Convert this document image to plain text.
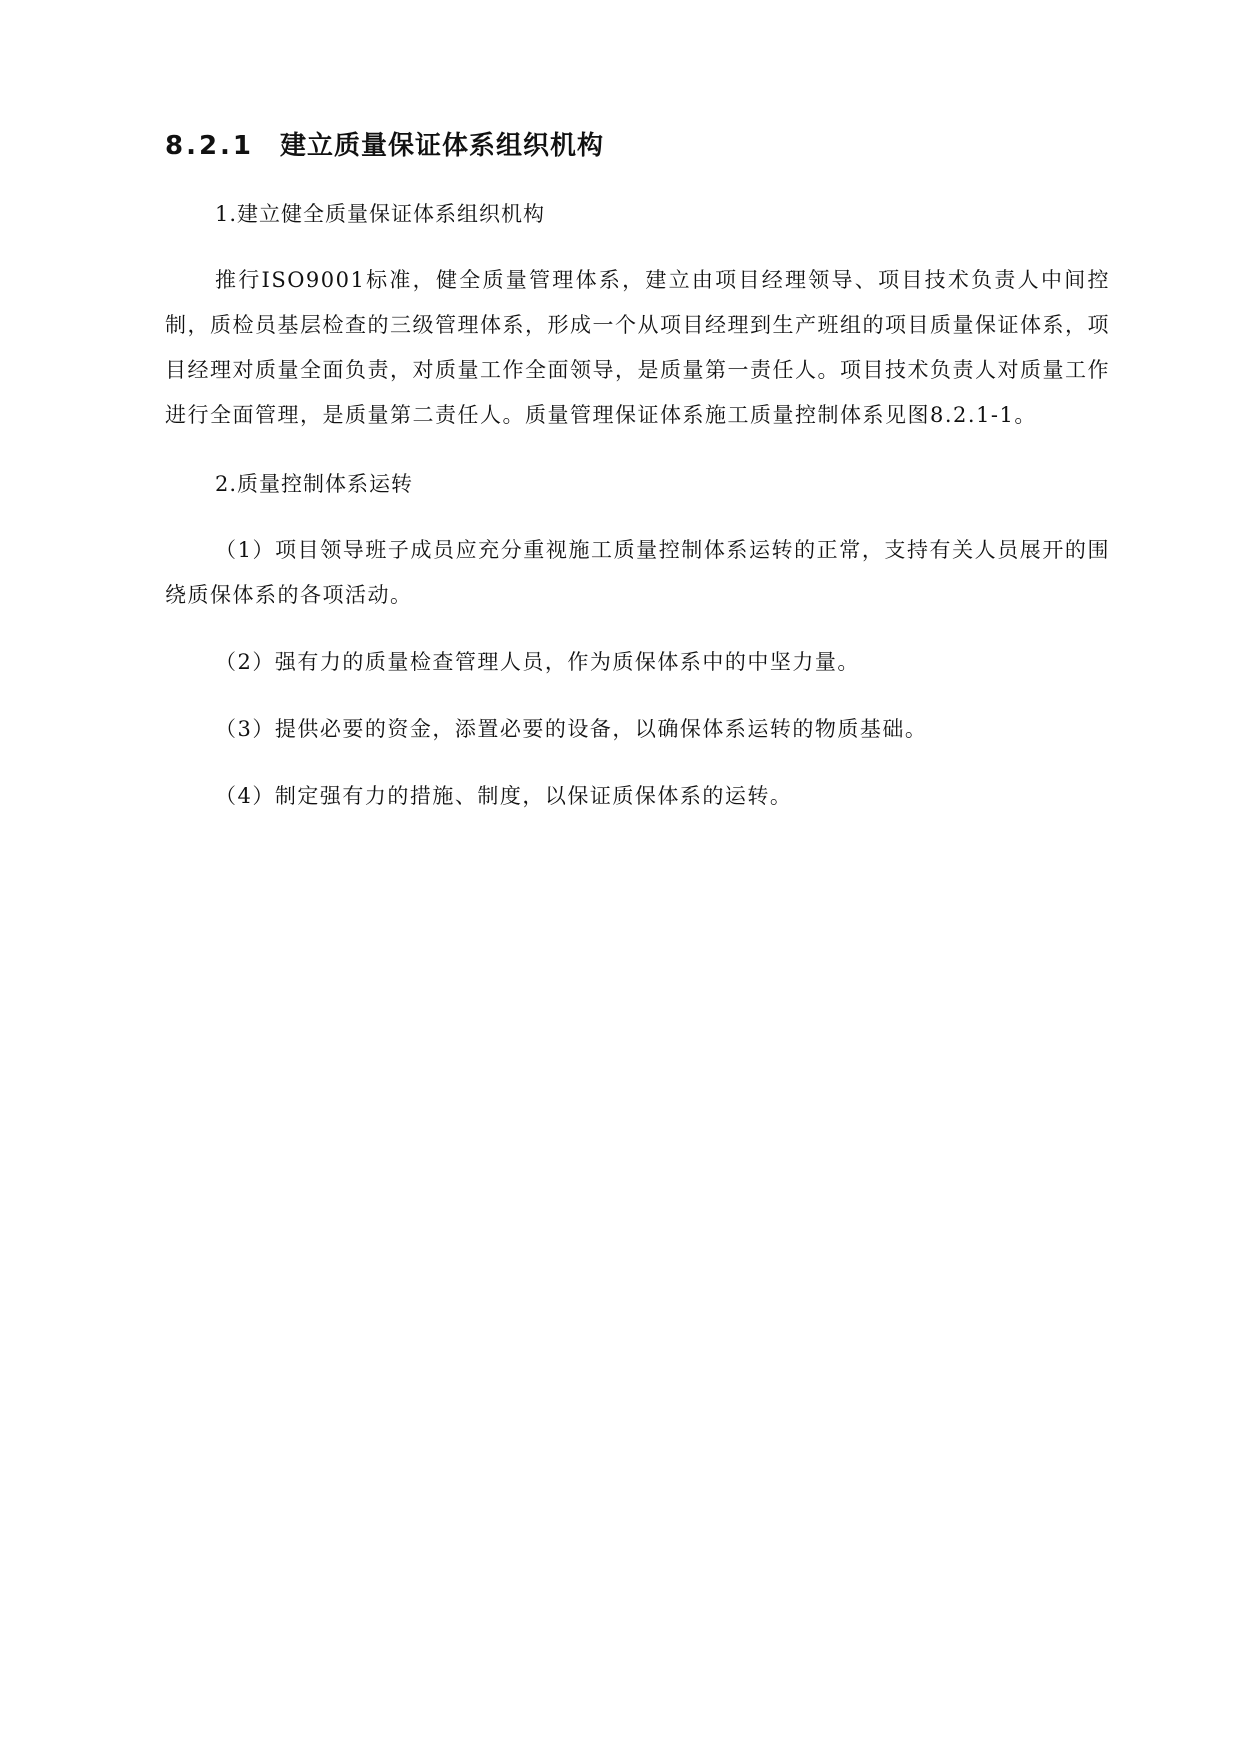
8.2.1 建立质量保证体系组织机构

1.建立健全质量保证体系组织机构

推行ISO9001标准，健全质量管理体系，建立由项目经理领导、项目技术负责人中间控制，质检员基层检查的三级管理体系，形成一个从项目经理到生产班组的项目质量保证体系，项目经理对质量全面负责，对质量工作全面领导，是质量第一责任人。项目技术负责人对质量工作进行全面管理，是质量第二责任人。质量管理保证体系施工质量控制体系见图8.2.1-1。

2.质量控制体系运转

（1）项目领导班子成员应充分重视施工质量控制体系运转的正常，支持有关人员展开的围绕质保体系的各项活动。

（2）强有力的质量检查管理人员，作为质保体系中的中坚力量。

（3）提供必要的资金，添置必要的设备，以确保体系运转的物质基础。

（4）制定强有力的措施、制度，以保证质保体系的运转。
